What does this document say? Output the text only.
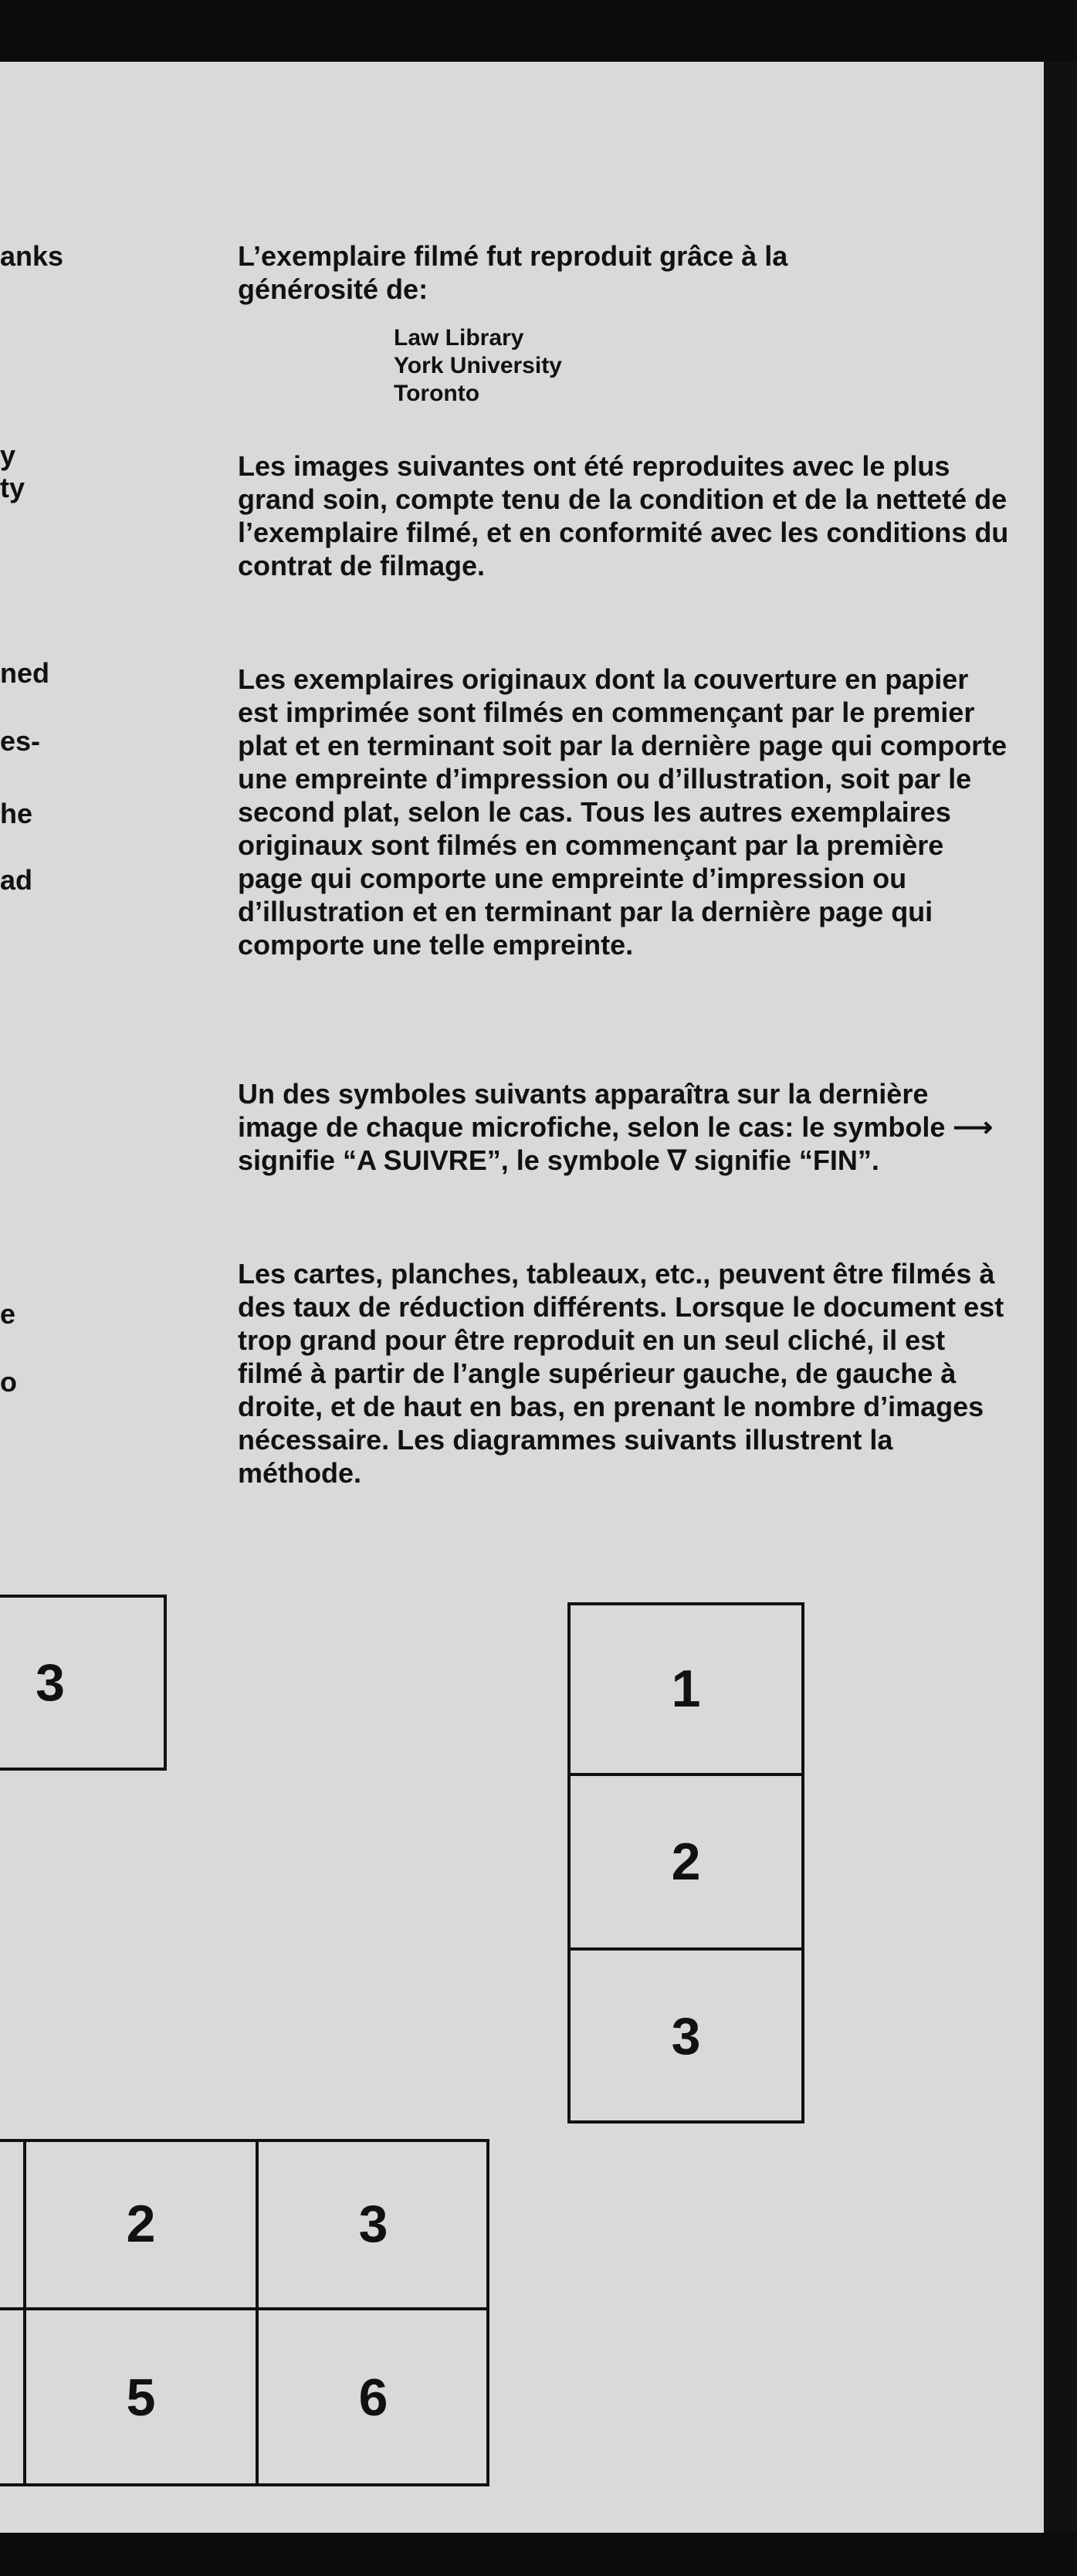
anks
y
ty
ned
es-
he
ad
e
o

L’exemplaire filmé fut reproduit grâce à la générosité de:

Law Library
York University
Toronto

Les images suivantes ont été reproduites avec le plus grand soin, compte tenu de la condition et de la netteté de l’exemplaire filmé, et en conformité avec les conditions du contrat de filmage.

Les exemplaires originaux dont la couverture en papier est imprimée sont filmés en commençant par le premier plat et en terminant soit par la dernière page qui comporte une empreinte d’impression ou d’illustration, soit par le second plat, selon le cas. Tous les autres exemplaires originaux sont filmés en commençant par la première page qui comporte une empreinte d’impression ou d’illustration et en terminant par la dernière page qui comporte une telle empreinte.

Un des symboles suivants apparaîtra sur la dernière image de chaque microfiche, selon le cas: le symbole ⟶ signifie “A SUIVRE”, le symbole ∇ signifie “FIN”.

Les cartes, planches, tableaux, etc., peuvent être filmés à des taux de réduction différents. Lorsque le document est trop grand pour être reproduit en un seul cliché, il est filmé à partir de l’angle supérieur gauche, de gauche à droite, et de haut en bas, en prenant le nombre d’images nécessaire. Les diagrammes suivants illustrent la méthode.

3	1
2
3
2	3
5	6
